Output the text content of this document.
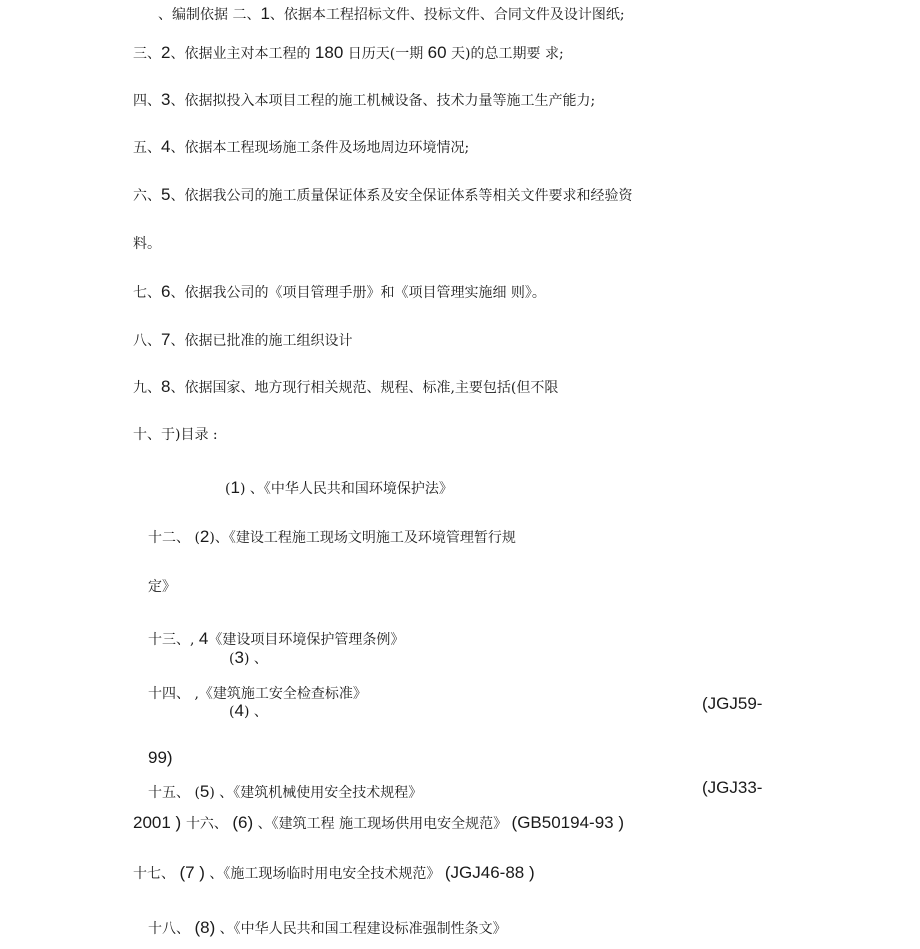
、编制依据 二、1、依据本工程招标文件、投标文件、合同文件及设计图纸;
三、2、依据业主对本工程的 180 日历天(一期 60 天)的总工期要 求;
四、3、依据拟投入本项目工程的施工机械设备、技术力量等施工生产能力;
五、4、依据本工程现场施工条件及场地周边环境情况;
六、5、依据我公司的施工质量保证体系及安全保证体系等相关文件要求和经验资
料。
七、6、依据我公司的《项目管理手册》和《项目管理实施细 则》。
八、7、依据已批准的施工组织设计
九、8、依据国家、地方现行相关规范、规程、标准,主要包括(但不限
十、于)目录 :
(1) 、《中华人民共和国环境保护法》
十二、 (2)、《建设工程施工现场文明施工及环境管理暂行规
定》
十三、, 4《建设项目环境保护管理条例》
(3) 、
十四、 ,《建筑施工安全检查标准》
(4) 、	(JGJ59-
99)
十五、 (5) 、《建筑机械使用安全技术规程》	(JGJ33-
2001 ) 十六、 (6) 、《建筑工程 施工现场供用电安全规范》 (GB50194-93 )
十七、 (7 ) 、《施工现场临时用电安全技术规范》 (JGJ46-88 )
十八、 (8) 、《中华人民共和国工程建设标准强制性条文》
